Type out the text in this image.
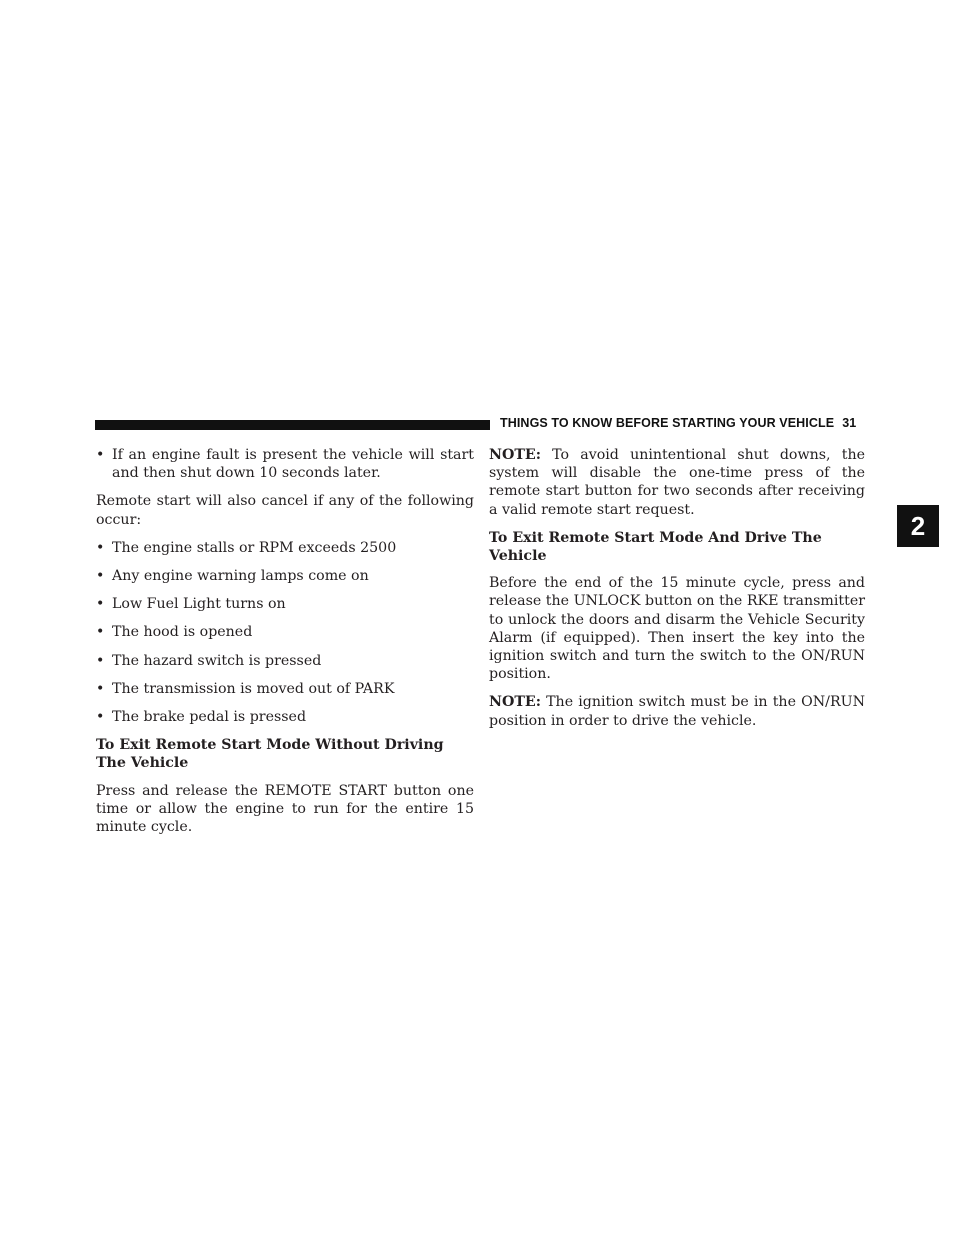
THINGS TO KNOW BEFORE STARTING YOUR VEHICLE 31
2
• If an engine fault is present the vehicle will start and then shut down 10 seconds later.

Remote start will also cancel if any of the following occur:

• The engine stalls or RPM exceeds 2500
• Any engine warning lamps come on
• Low Fuel Light turns on
• The hood is opened
• The hazard switch is pressed
• The transmission is moved out of PARK
• The brake pedal is pressed
To Exit Remote Start Mode Without Driving The Vehicle

Press and release the REMOTE START button one time or allow the engine to run for the entire 15 minute cycle.

NOTE: To avoid unintentional shut downs, the system will disable the one-time press of the remote start button for two seconds after receiving a valid remote start request.

To Exit Remote Start Mode And Drive The Vehicle

Before the end of the 15 minute cycle, press and release the UNLOCK button on the RKE transmitter to unlock the doors and disarm the Vehicle Security Alarm (if equipped). Then insert the key into the ignition switch and turn the switch to the ON/RUN position.

NOTE: The ignition switch must be in the ON/RUN position in order to drive the vehicle.
